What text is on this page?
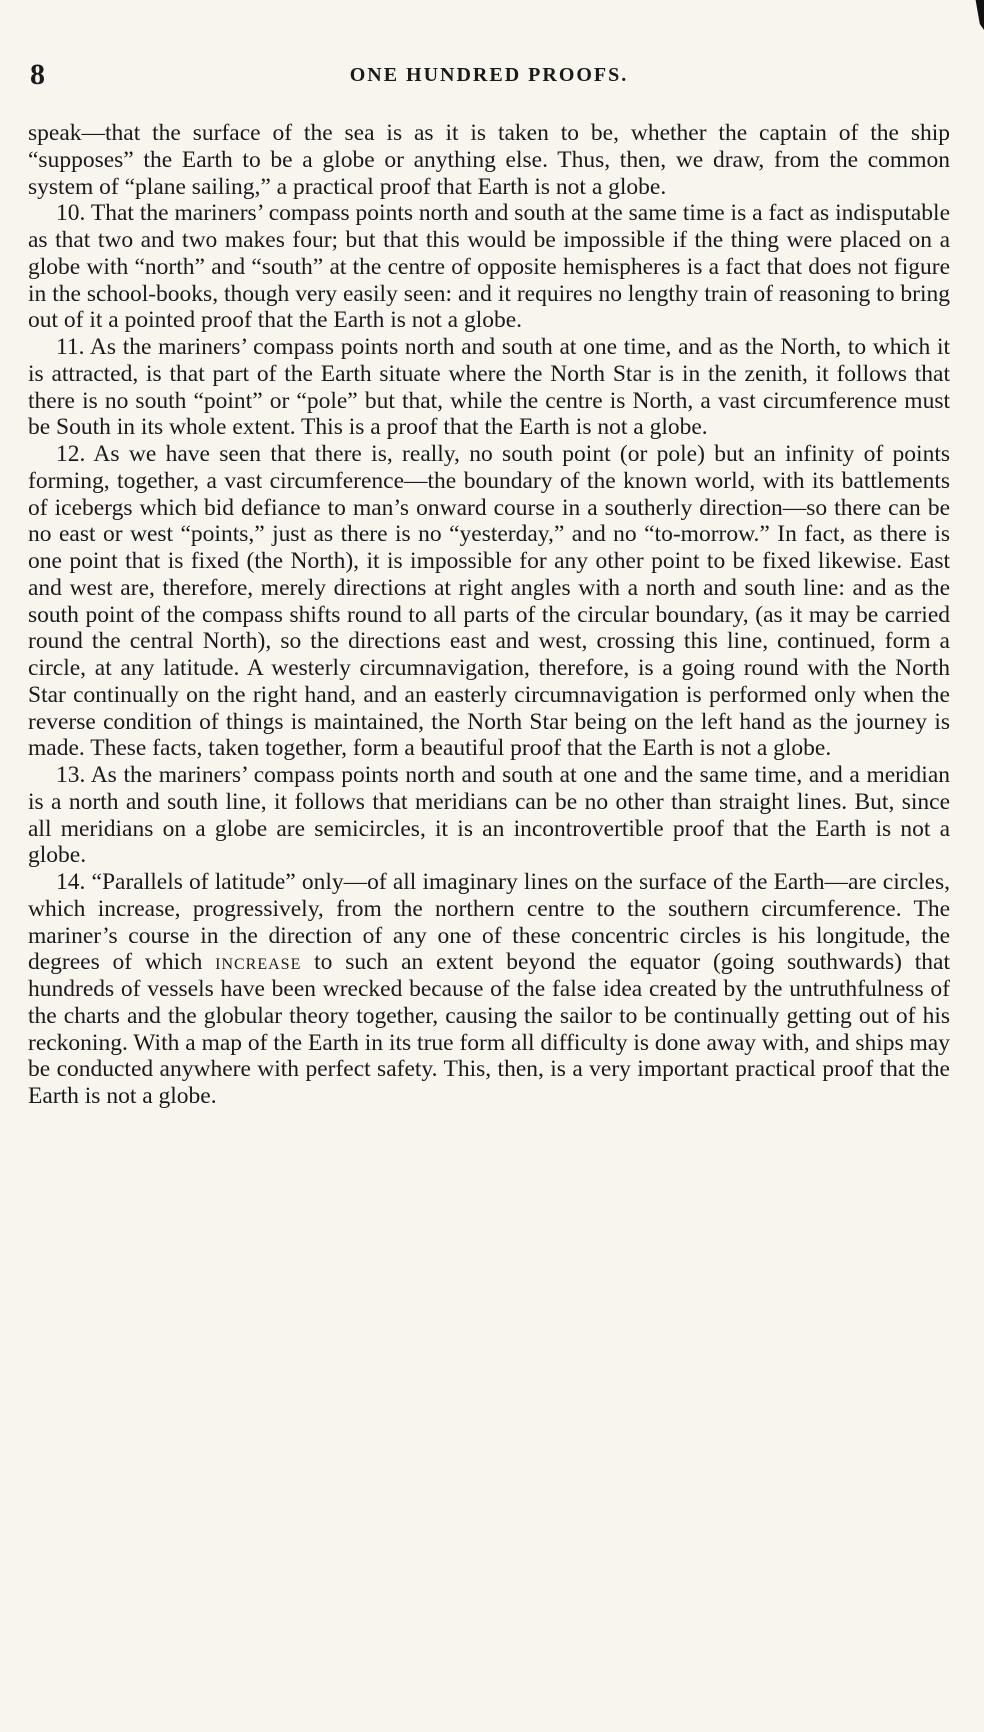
8	ONE HUNDRED PROOFS.

speak—that the surface of the sea is as it is taken to be, whether the captain of the ship “supposes” the Earth to be a globe or anything else. Thus, then, we draw, from the common system of “plane sailing,” a practical proof that Earth is not a globe.

10. That the mariners’ compass points north and south at the same time is a fact as indisputable as that two and two makes four; but that this would be impossible if the thing were placed on a globe with “north” and “south” at the centre of opposite hemispheres is a fact that does not figure in the school-books, though very easily seen: and it requires no lengthy train of reasoning to bring out of it a pointed proof that the Earth is not a globe.

11. As the mariners’ compass points north and south at one time, and as the North, to which it is attracted, is that part of the Earth situate where the North Star is in the zenith, it follows that there is no south “point” or “pole” but that, while the centre is North, a vast circumference must be South in its whole extent. This is a proof that the Earth is not a globe.

12. As we have seen that there is, really, no south point (or pole) but an infinity of points forming, together, a vast circumference—the boundary of the known world, with its battlements of icebergs which bid defiance to man’s onward course in a southerly direction—so there can be no east or west “points,” just as there is no “yesterday,” and no “to-morrow.” In fact, as there is one point that is fixed (the North), it is impossible for any other point to be fixed likewise. East and west are, therefore, merely directions at right angles with a north and south line: and as the south point of the compass shifts round to all parts of the circular boundary, (as it may be carried round the central North), so the directions east and west, crossing this line, continued, form a circle, at any latitude. A westerly circumnavigation, therefore, is a going round with the North Star continually on the right hand, and an easterly circumnavigation is performed only when the reverse condition of things is maintained, the North Star being on the left hand as the journey is made. These facts, taken together, form a beautiful proof that the Earth is not a globe.

13. As the mariners’ compass points north and south at one and the same time, and a meridian is a north and south line, it follows that meridians can be no other than straight lines. But, since all meridians on a globe are semicircles, it is an incontrovertible proof that the Earth is not a globe.

14. “Parallels of latitude” only—of all imaginary lines on the surface of the Earth—are circles, which increase, progressively, from the northern centre to the southern circumference. The mariner’s course in the direction of any one of these concentric circles is his longitude, the degrees of which increase to such an extent beyond the equator (going southwards) that hundreds of vessels have been wrecked because of the false idea created by the untruthfulness of the charts and the globular theory together, causing the sailor to be continually getting out of his reckoning. With a map of the Earth in its true form all difficulty is done away with, and ships may be conducted anywhere with perfect safety. This, then, is a very important practical proof that the Earth is not a globe.
